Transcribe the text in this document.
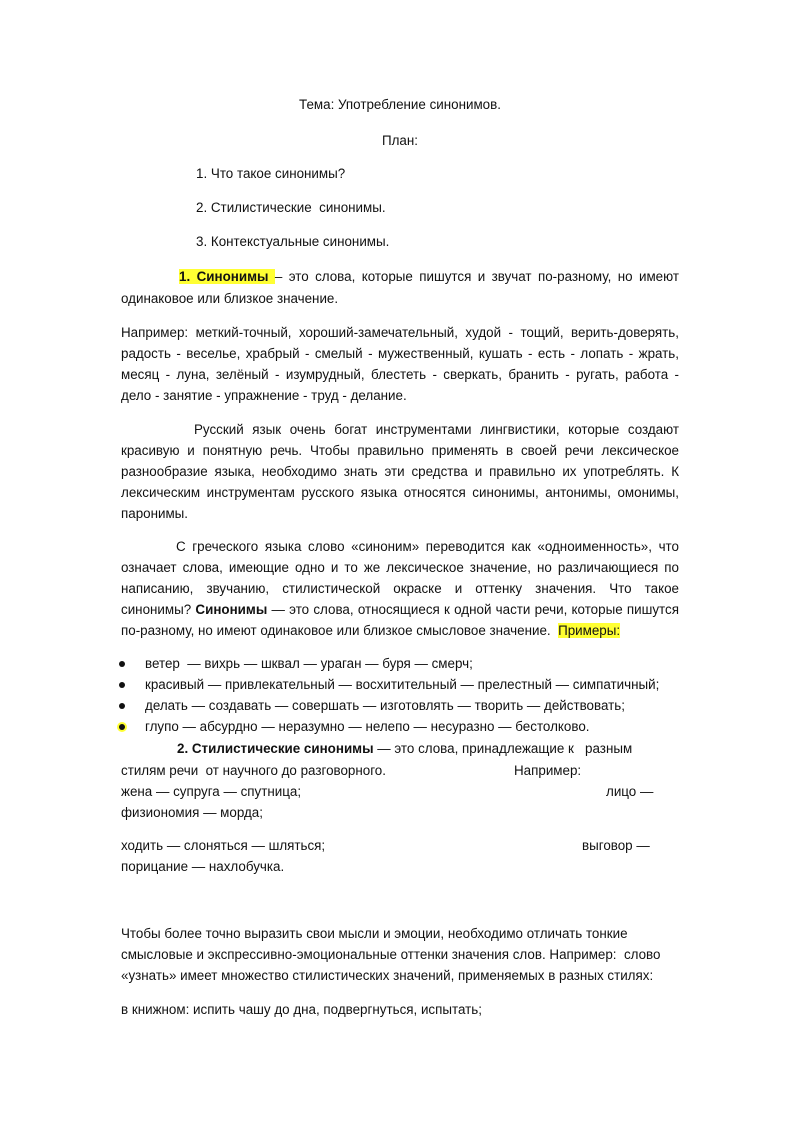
Тема: Употребление синонимов.
План:
1. Что такое синонимы?
2. Стилистические  синонимы.
3. Контекстуальные синонимы.
1. Синонимы – это слова, которые пишутся и звучат по-разному, но имеют
одинаковое или близкое значение.
Например: меткий-точный, хороший-замечательный, худой - тощий, верить-доверять,
радость - веселье, храбрый - смелый - мужественный, кушать - есть - лопать - жрать,
месяц - луна, зелёный - изумрудный, блестеть - сверкать, бранить - ругать, работа -
дело - занятие - упражнение - труд - делание.
Русский язык очень богат инструментами лингвистики, которые создают
красивую и понятную речь. Чтобы правильно применять в своей речи лексическое
разнообразие языка, необходимо знать эти средства и правильно их употреблять. К
лексическим инструментам русского языка относятся синонимы, антонимы, омонимы,
паронимы.
С греческого языка слово «синоним» переводится как «одноименность», что
означает слова, имеющие одно и то же лексическое значение, но различающиеся по
написанию, звучанию, стилистической окраске и оттенку значения. Что такое
синонимы? Синонимы — это слова, относящиеся к одной части речи, которые пишутся
по-разному, но имеют одинаковое или близкое смысловое значение.  Примеры:
ветер  — вихрь — шквал — ураган — буря — смерч;
красивый — привлекательный — восхитительный — прелестный — симпатичный;
делать — создавать — совершать — изготовлять — творить — действовать;
глупо — абсурдно — неразумно — нелепо — несуразно — бестолково.
2. Стилистические синонимы — это слова, принадлежащие к   разным
стилям речи  от научного до разговорного.	Например:
жена — супруга — спутница;	лицо —
физиономия — морда;
ходить — слоняться — шляться;	выговор —
порицание — нахлобучка.
Чтобы более точно выразить свои мысли и эмоции, необходимо отличать тонкие
смысловые и экспрессивно-эмоциональные оттенки значения слов. Например:  слово
«узнать» имеет множество стилистических значений, применяемых в разных стилях:
в книжном: испить чашу до дна, подвергнуться, испытать;
